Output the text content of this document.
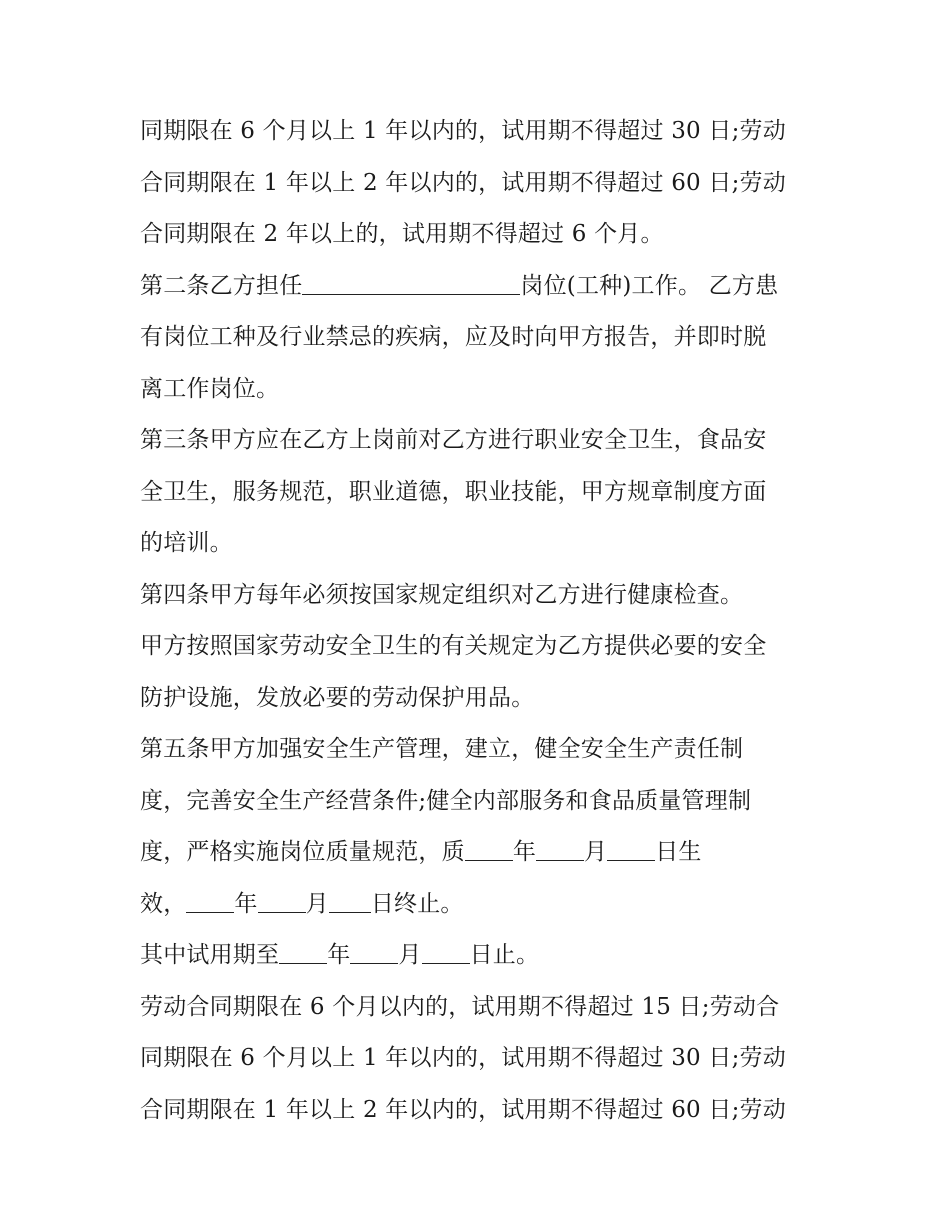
同期限在 6 个月以上 1 年以内的，试用期不得超过 30 日;劳动
合同期限在 1 年以上 2 年以内的，试用期不得超过 60 日;劳动
合同期限在 2 年以上的，试用期不得超过 6 个月。
第二条乙方担任	岗位(工种)工作。 乙方患
有岗位工种及行业禁忌的疾病，应及时向甲方报告，并即时脱
离工作岗位。
第三条甲方应在乙方上岗前对乙方进行职业安全卫生，食品安
全卫生，服务规范，职业道德，职业技能，甲方规章制度方面
的培训。
第四条甲方每年必须按国家规定组织对乙方进行健康检查。
甲方按照国家劳动安全卫生的有关规定为乙方提供必要的安全
防护设施，发放必要的劳动保护用品。
第五条甲方加强安全生产管理，建立，健全安全生产责任制
度，完善安全生产经营条件;健全内部服务和食品质量管理制
度，严格实施岗位质量规范，质 年 月 日生
效， 年 月 日终止。
其中试用期至 年 月 日止。
劳动合同期限在 6 个月以内的，试用期不得超过 15 日;劳动合
同期限在 6 个月以上 1 年以内的，试用期不得超过 30 日;劳动
合同期限在 1 年以上 2 年以内的，试用期不得超过 60 日;劳动
